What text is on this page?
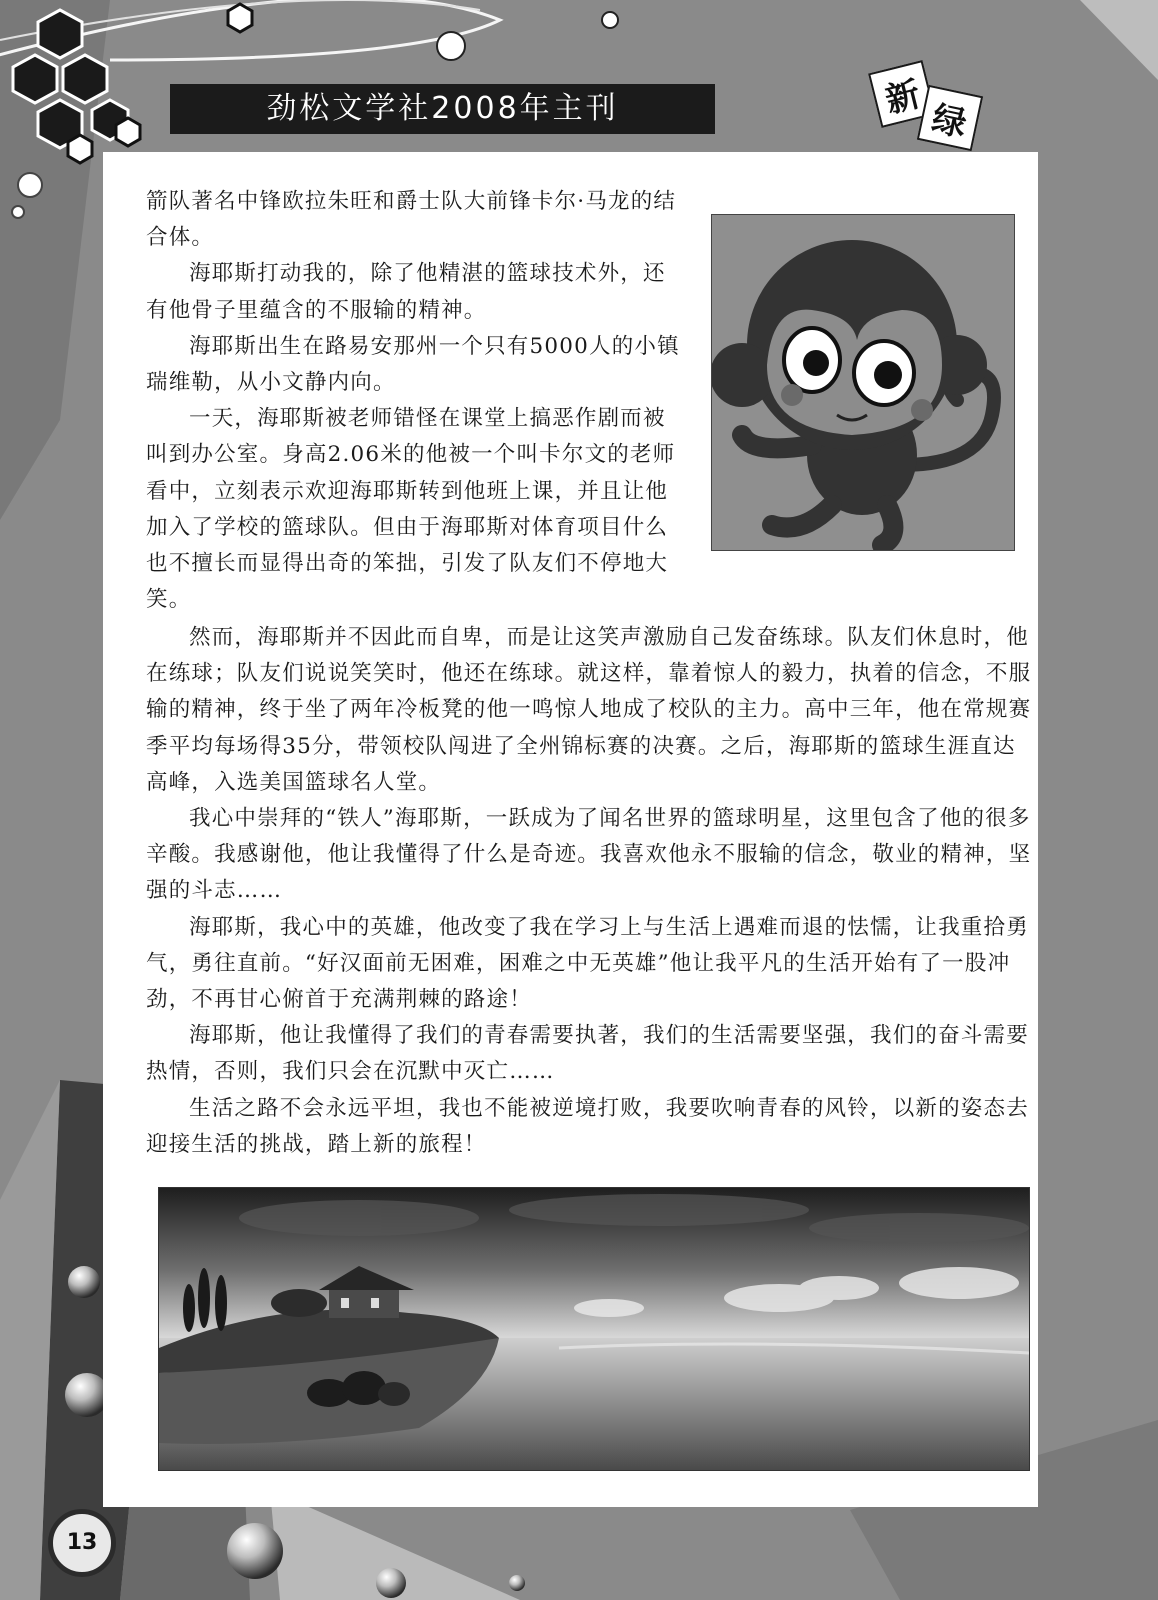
劲松文学社2008年主刊	新
绿

箭队著名中锋欧拉朱旺和爵士队大前锋卡尔·马龙的结合体。

海耶斯打动我的，除了他精湛的篮球技术外，还有他骨子里蕴含的不服输的精神。

海耶斯出生在路易安那州一个只有5000人的小镇瑞维勒，从小文静内向。

一天，海耶斯被老师错怪在课堂上搞恶作剧而被叫到办公室。身高2.06米的他被一个叫卡尔文的老师看中，立刻表示欢迎海耶斯转到他班上课，并且让他加入了学校的篮球队。但由于海耶斯对体育项目什么也不擅长而显得出奇的笨拙，引发了队友们不停地大笑。

然而，海耶斯并不因此而自卑，而是让这笑声激励自己发奋练球。队友们休息时，他在练球；队友们说说笑笑时，他还在练球。就这样，靠着惊人的毅力，执着的信念，不服输的精神，终于坐了两年冷板凳的他一鸣惊人地成了校队的主力。高中三年，他在常规赛季平均每场得35分，带领校队闯进了全州锦标赛的决赛。之后，海耶斯的篮球生涯直达高峰，入选美国篮球名人堂。

我心中崇拜的“铁人”海耶斯，一跃成为了闻名世界的篮球明星，这里包含了他的很多辛酸。我感谢他，他让我懂得了什么是奇迹。我喜欢他永不服输的信念，敬业的精神，坚强的斗志……

海耶斯，我心中的英雄，他改变了我在学习上与生活上遇难而退的怯懦，让我重拾勇气，勇往直前。“好汉面前无困难，困难之中无英雄”他让我平凡的生活开始有了一股冲劲，不再甘心俯首于充满荆棘的路途！

海耶斯，他让我懂得了我们的青春需要执著，我们的生活需要坚强，我们的奋斗需要热情，否则，我们只会在沉默中灭亡……

生活之路不会永远平坦，我也不能被逆境打败，我要吹响青春的风铃，以新的姿态去迎接生活的挑战，踏上新的旅程！

13
